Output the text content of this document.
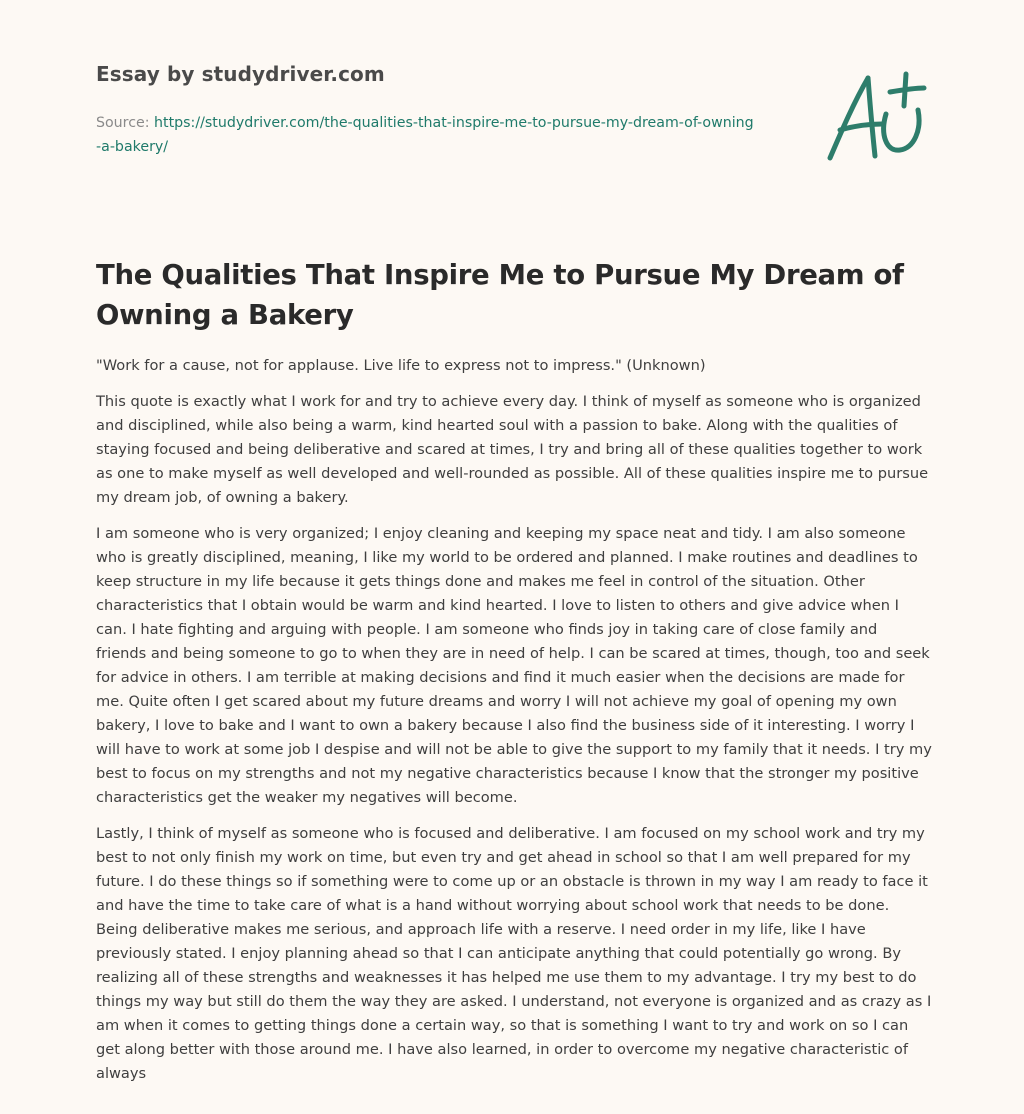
Essay by studydriver.com
Source: https://studydriver.com/the-qualities-that-inspire-me-to-pursue-my-dream-of-owning-a-bakery/
The Qualities That Inspire Me to Pursue My Dream of Owning a Bakery

"Work for a cause, not for applause. Live life to express not to impress." (Unknown)

This quote is exactly what I work for and try to achieve every day. I think of myself as someone who is organized and disciplined, while also being a warm, kind hearted soul with a passion to bake. Along with the qualities of staying focused and being deliberative and scared at times, I try and bring all of these qualities together to work as one to make myself as well developed and well-rounded as possible. All of these qualities inspire me to pursue my dream job, of owning a bakery.

I am someone who is very organized; I enjoy cleaning and keeping my space neat and tidy. I am also someone who is greatly disciplined, meaning, I like my world to be ordered and planned. I make routines and deadlines to keep structure in my life because it gets things done and makes me feel in control of the situation. Other characteristics that I obtain would be warm and kind hearted. I love to listen to others and give advice when I can. I hate fighting and arguing with people. I am someone who finds joy in taking care of close family and friends and being someone to go to when they are in need of help. I can be scared at times, though, too and seek for advice in others. I am terrible at making decisions and find it much easier when the decisions are made for me. Quite often I get scared about my future dreams and worry I will not achieve my goal of opening my own bakery, I love to bake and I want to own a bakery because I also find the business side of it interesting. I worry I will have to work at some job I despise and will not be able to give the support to my family that it needs. I try my best to focus on my strengths and not my negative characteristics because I know that the stronger my positive characteristics get the weaker my negatives will become.

Lastly, I think of myself as someone who is focused and deliberative. I am focused on my school work and try my best to not only finish my work on time, but even try and get ahead in school so that I am well prepared for my future. I do these things so if something were to come up or an obstacle is thrown in my way I am ready to face it and have the time to take care of what is a hand without worrying about school work that needs to be done. Being deliberative makes me serious, and approach life with a reserve. I need order in my life, like I have previously stated. I enjoy planning ahead so that I can anticipate anything that could potentially go wrong. By realizing all of these strengths and weaknesses it has helped me use them to my advantage. I try my best to do things my way but still do them the way they are asked. I understand, not everyone is organized and as crazy as I am when it comes to getting things done a certain way, so that is something I want to try and work on so I can get along better with those around me. I have also learned, in order to overcome my negative characteristic of always
